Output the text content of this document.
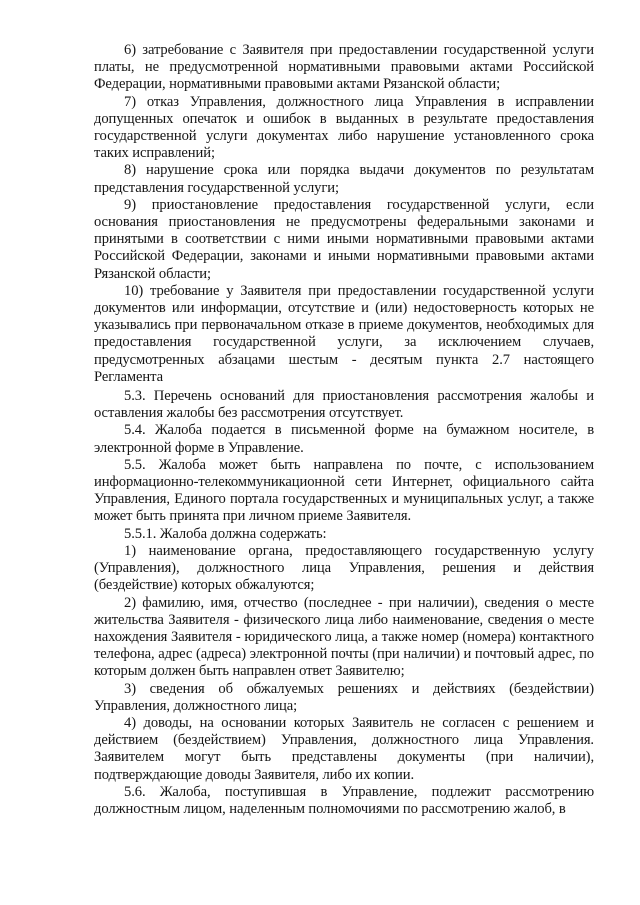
6) затребование с Заявителя при предоставлении государственной услуги платы, не предусмотренной нормативными правовыми актами Российской Федерации, нормативными правовыми актами Рязанской области;

7) отказ Управления, должностного лица Управления в исправлении допущенных опечаток и ошибок в выданных в результате предоставления государственной услуги документах либо нарушение установленного срока таких исправлений;

8) нарушение срока или порядка выдачи документов по результатам представления государственной услуги;

9) приостановление предоставления государственной услуги, если основания приостановления не предусмотрены федеральными законами и принятыми в соответствии с ними иными нормативными правовыми актами Российской Федерации, законами и иными нормативными правовыми актами Рязанской области;

10) требование у Заявителя при предоставлении государственной услуги документов или информации, отсутствие и (или) недостоверность которых не указывались при первоначальном отказе в приеме документов, необходимых для предоставления государственной услуги, за исключением случаев, предусмотренных абзацами шестым - десятым пункта 2.7 настоящего Регламента

5.3. Перечень оснований для приостановления рассмотрения жалобы и оставления жалобы без рассмотрения отсутствует.

5.4. Жалоба подается в письменной форме на бумажном носителе, в электронной форме в Управление.

5.5. Жалоба может быть направлена по почте, с использованием информационно-телекоммуникационной сети Интернет, официального сайта Управления, Единого портала государственных и муниципальных услуг, а также может быть принята при личном приеме Заявителя.

5.5.1. Жалоба должна содержать:

1) наименование органа, предоставляющего государственную услугу (Управления), должностного лица Управления, решения и действия (бездействие) которых обжалуются;

2) фамилию, имя, отчество (последнее - при наличии), сведения о месте жительства Заявителя - физического лица либо наименование, сведения о месте нахождения Заявителя - юридического лица, а также номер (номера) контактного телефона, адрес (адреса) электронной почты (при наличии) и почтовый адрес, по которым должен быть направлен ответ Заявителю;

3) сведения об обжалуемых решениях и действиях (бездействии) Управления, должностного лица;

4) доводы, на основании которых Заявитель не согласен с решением и действием (бездействием) Управления, должностного лица Управления. Заявителем могут быть представлены документы (при наличии), подтверждающие доводы Заявителя, либо их копии.

5.6. Жалоба, поступившая в Управление, подлежит рассмотрению должностным лицом, наделенным полномочиями по рассмотрению жалоб, в
